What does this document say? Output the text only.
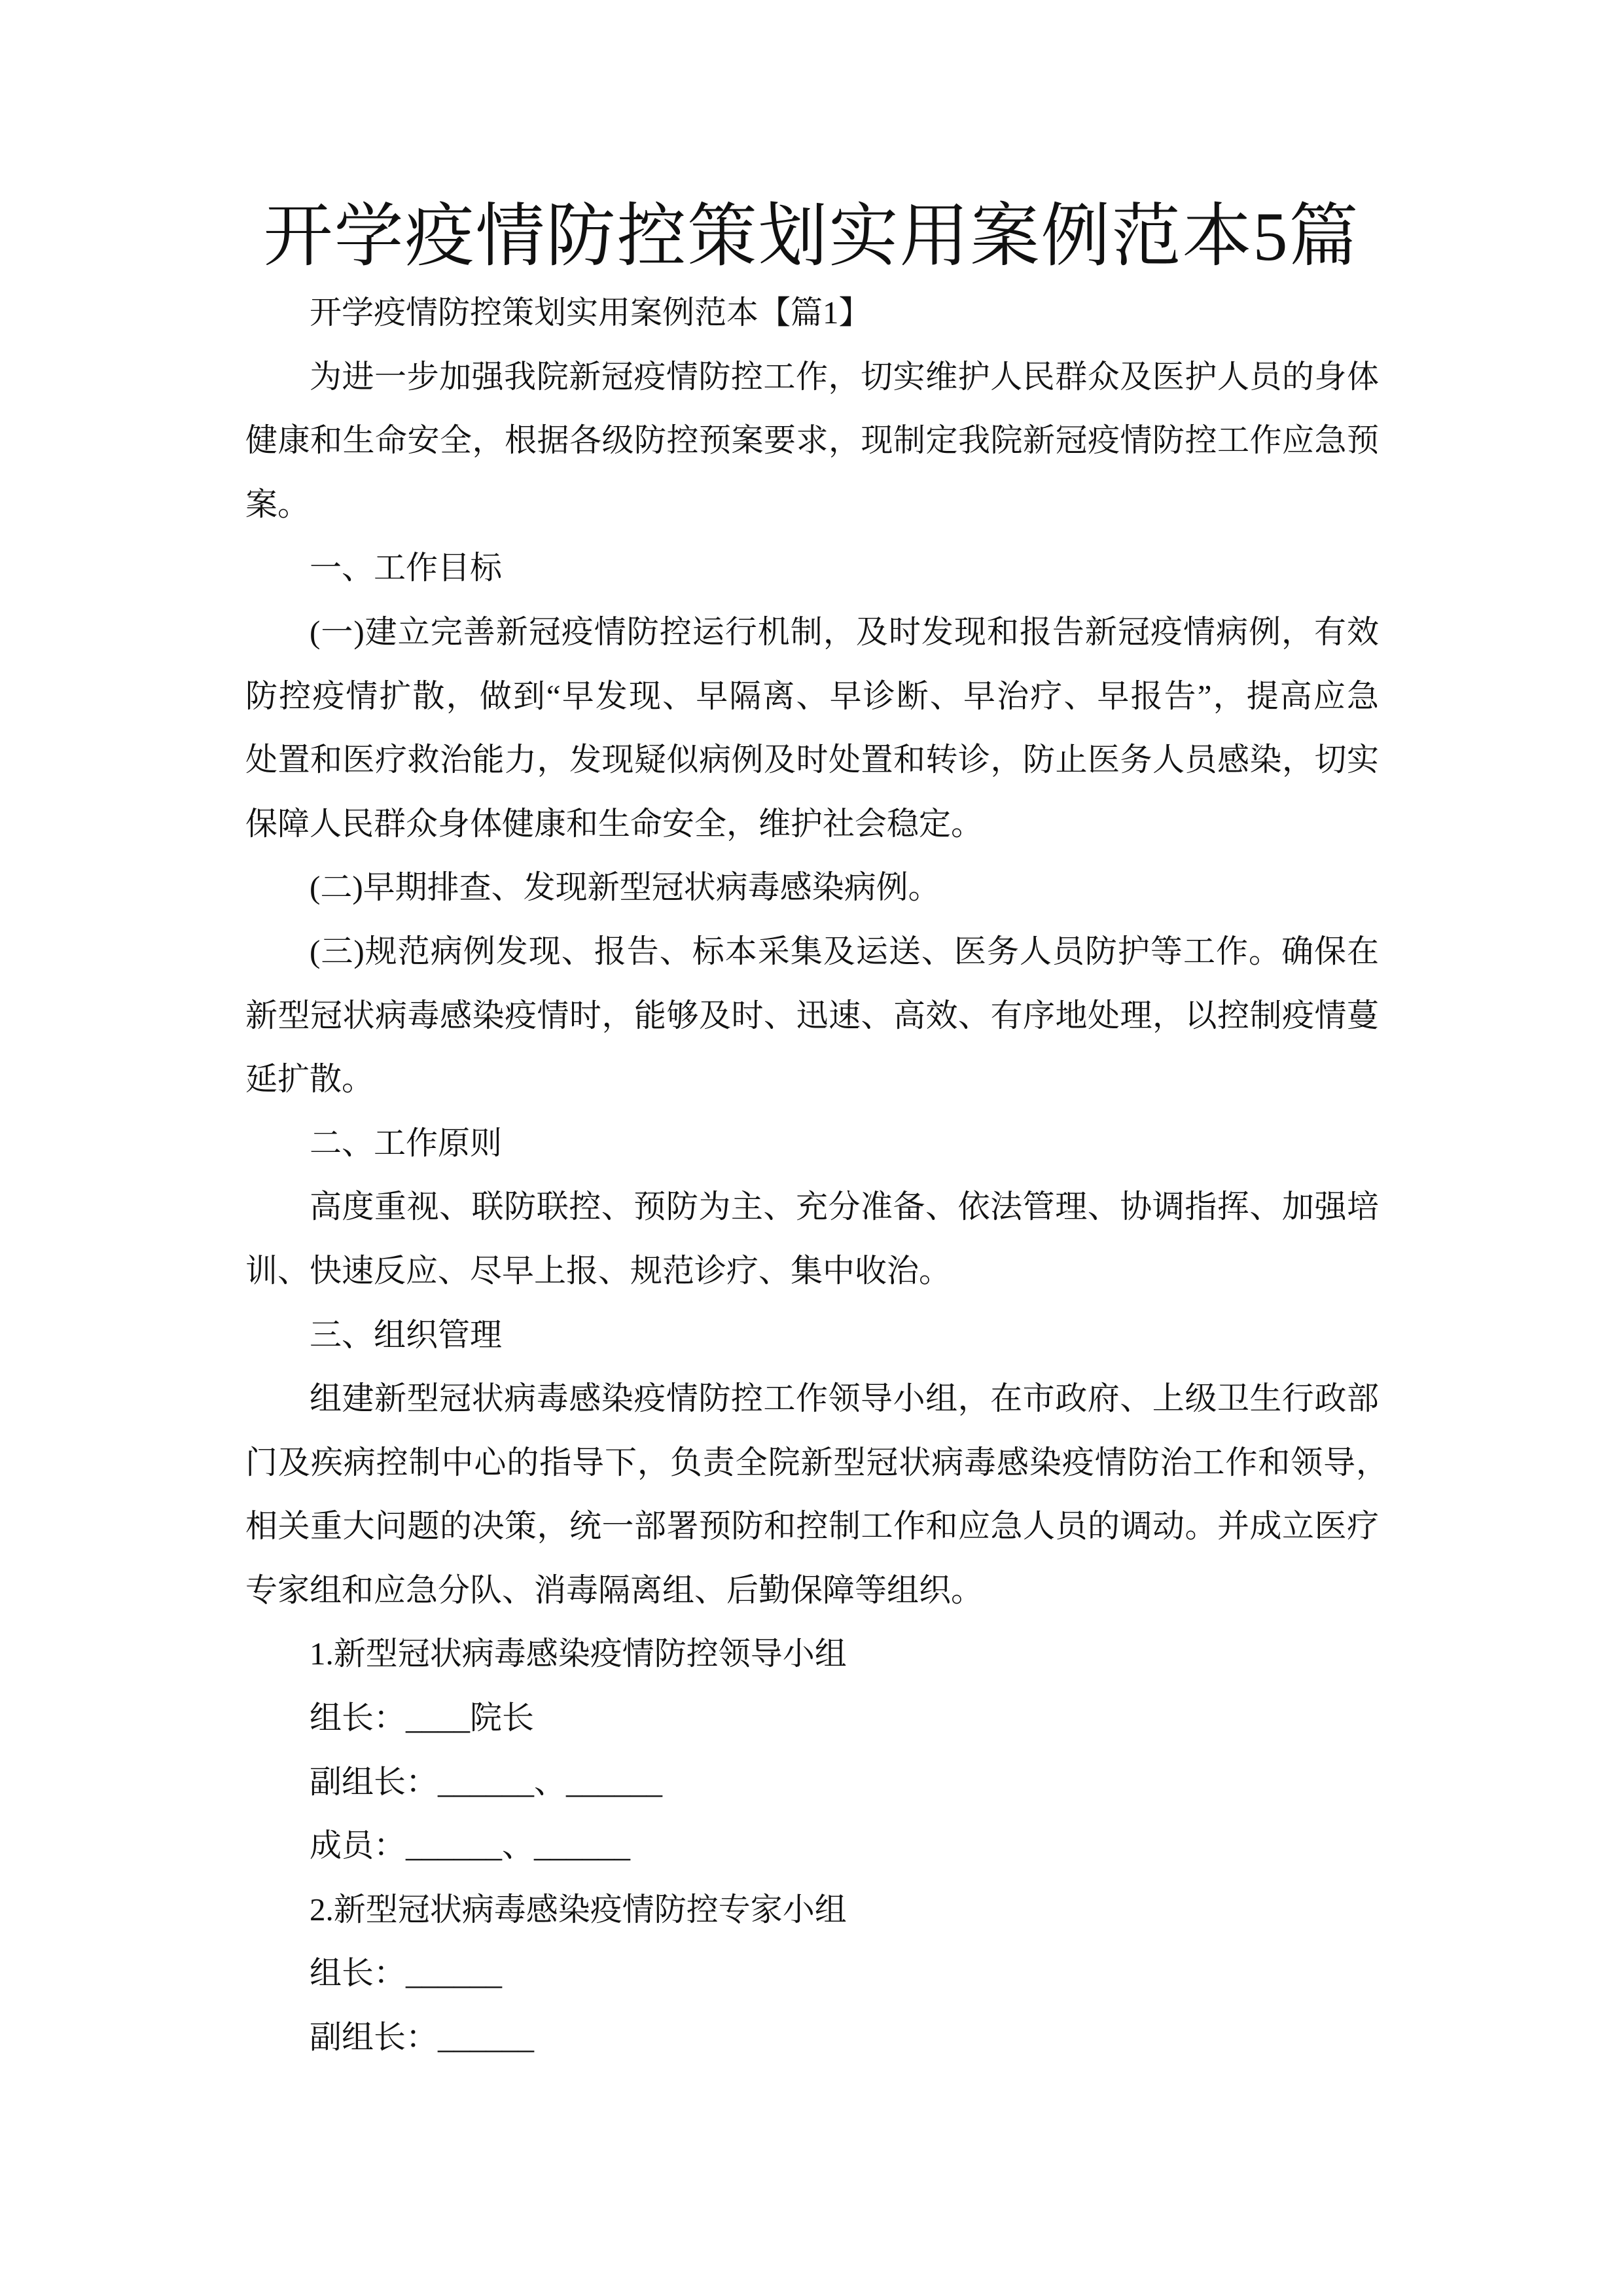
开学疫情防控策划实用案例范本5篇
开学疫情防控策划实用案例范本【篇1】
为进一步加强我院新冠疫情防控工作，切实维护人民群众及医护人员的身体
健康和生命安全，根据各级防控预案要求，现制定我院新冠疫情防控工作应急预
案。
一、工作目标
(一)建立完善新冠疫情防控运行机制，及时发现和报告新冠疫情病例，有效
防控疫情扩散，做到“早发现、早隔离、早诊断、早治疗、早报告”，提高应急
处置和医疗救治能力，发现疑似病例及时处置和转诊，防止医务人员感染，切实
保障人民群众身体健康和生命安全，维护社会稳定。
(二)早期排查、发现新型冠状病毒感染病例。
(三)规范病例发现、报告、标本采集及运送、医务人员防护等工作。确保在
新型冠状病毒感染疫情时，能够及时、迅速、高效、有序地处理，以控制疫情蔓
延扩散。
二、工作原则
高度重视、联防联控、预防为主、充分准备、依法管理、协调指挥、加强培
训、快速反应、尽早上报、规范诊疗、集中收治。
三、组织管理
组建新型冠状病毒感染疫情防控工作领导小组，在市政府、上级卫生行政部
门及疾病控制中心的指导下，负责全院新型冠状病毒感染疫情防治工作和领导，
相关重大问题的决策，统一部署预防和控制工作和应急人员的调动。并成立医疗
专家组和应急分队、消毒隔离组、后勤保障等组织。
1.新型冠状病毒感染疫情防控领导小组
组长：____院长
副组长：______、______
成员：______、______
2.新型冠状病毒感染疫情防控专家小组
组长：______
副组长：______
